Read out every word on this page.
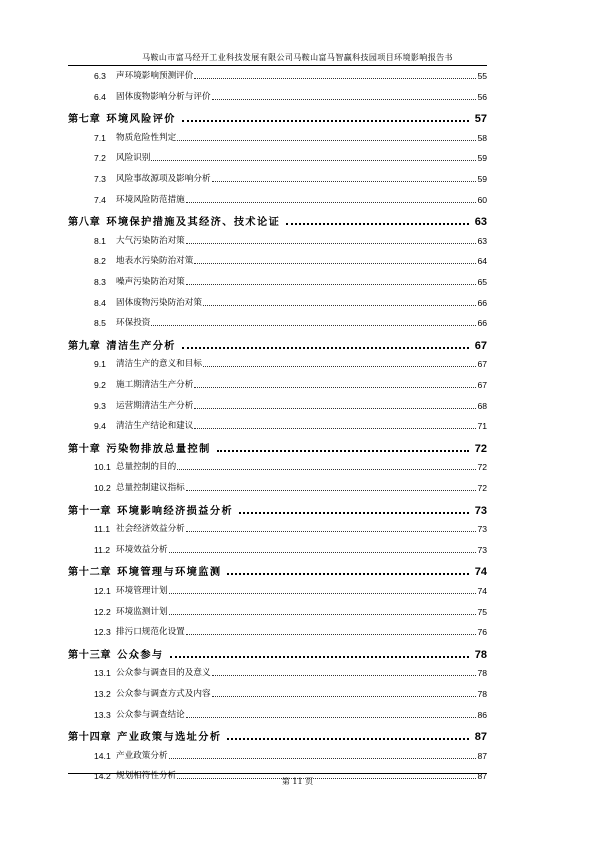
马鞍山市富马经开工业科技发展有限公司马鞍山富马智赢科技园项目环境影响报告书
6.3	声环境影响预测评价	55
6.4	固体废物影响分析与评价	56
第七章 环境风险评价	57
7.1	物质危险性判定	58
7.2	风险识别	59
7.3	风险事故源项及影响分析	59
7.4	环境风险防范措施	60
第八章 环境保护措施及其经济、技术论证	63
8.1	大气污染防治对策	63
8.2	地表水污染防治对策	64
8.3	噪声污染防治对策	65
8.4	固体废物污染防治对策	66
8.5	环保投资	66
第九章 清洁生产分析	67
9.1	清洁生产的意义和目标	67
9.2	施工期清洁生产分析	67
9.3	运营期清洁生产分析	68
9.4	清洁生产结论和建议	71
第十章 污染物排放总量控制	72
10.1 总量控制的目的	72
10.2 总量控制建议指标	72
第十一章 环境影响经济损益分析	73
11.1 社会经济效益分析	73
11.2 环境效益分析	73
第十二章 环境管理与环境监测	74
12.1 环境管理计划	74
12.2 环境监测计划	75
12.3 排污口规范化设置	76
第十三章 公众参与	78
13.1 公众参与调查目的及意义	78
13.2 公众参与调查方式及内容	78
13.3 公众参与调查结论	86
第十四章 产业政策与选址分析	87
14.1 产业政策分析	87
14.2 规划相符性分析	87
第 11 页
